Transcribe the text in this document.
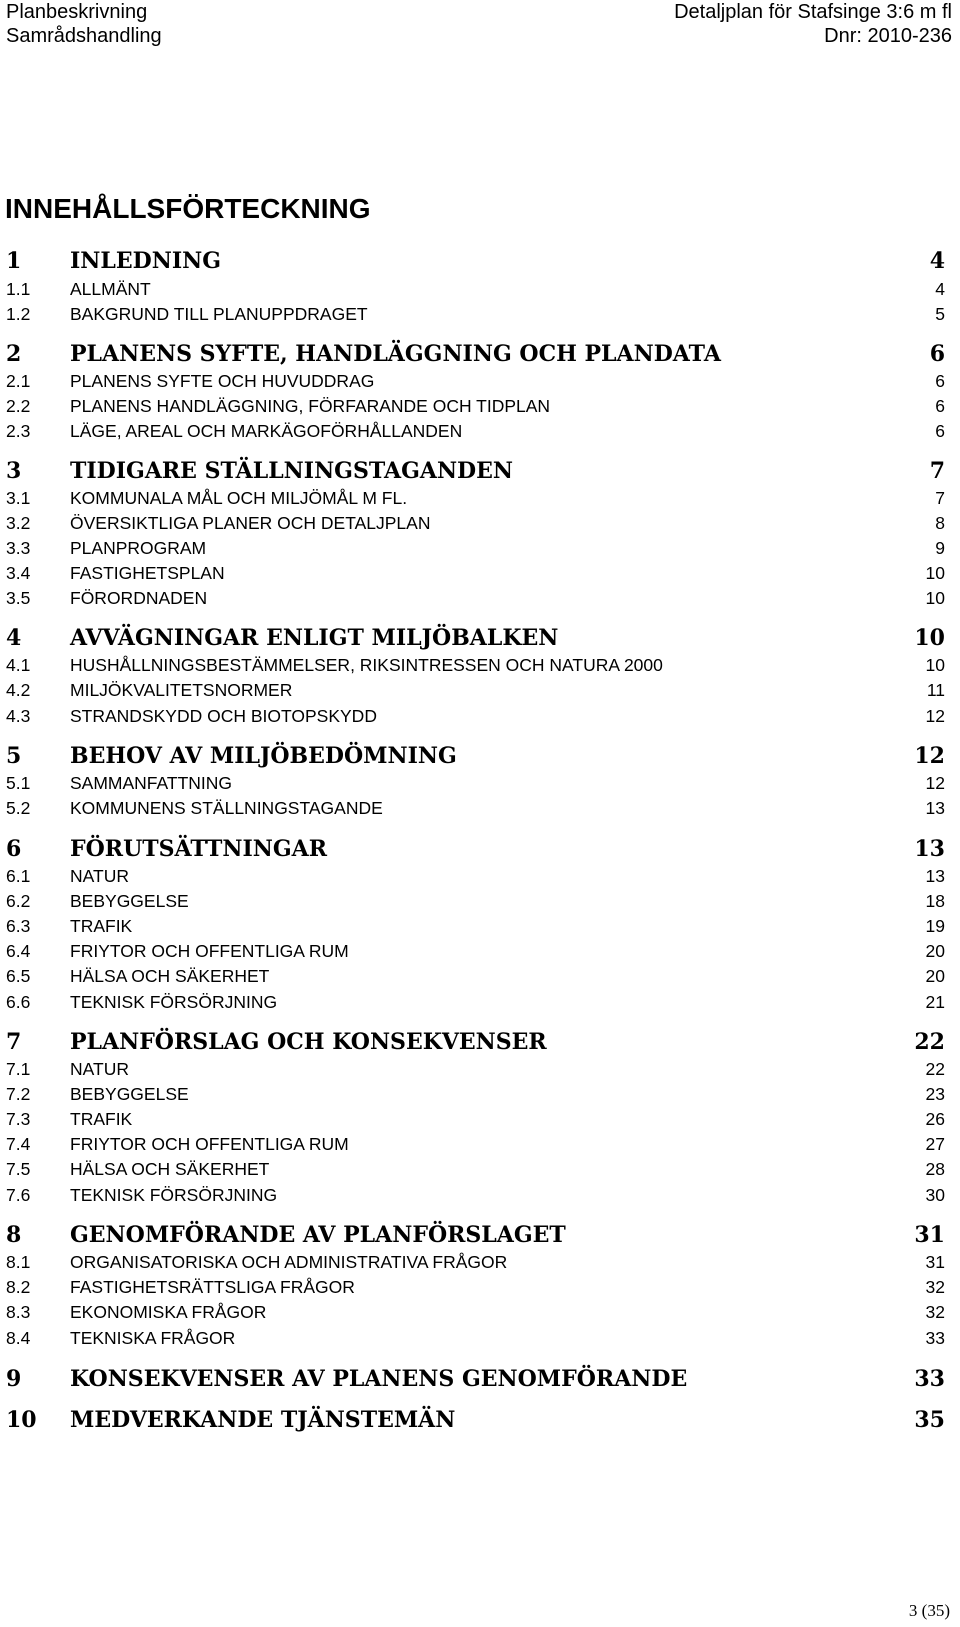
Planbeskrivning
Samrådshandling
Detaljplan för Stafsinge 3:6 m fl
Dnr: 2010-236
INNEHÅLLSFÖRTECKNING
1 INLEDNING	4
1.1 ALLMÄNT	4
1.2 BAKGRUND TILL PLANUPPDRAGET	5
2 PLANENS SYFTE, HANDLÄGGNING OCH PLANDATA	6
2.1 PLANENS SYFTE OCH HUVUDDRAG	6
2.2 PLANENS HANDLÄGGNING, FÖRFARANDE OCH TIDPLAN	6
2.3 LÄGE, AREAL OCH MARKÄGOFÖRHÅLLANDEN	6
3 TIDIGARE STÄLLNINGSTAGANDEN	7
3.1 KOMMUNALA MÅL OCH MILJÖMÅL M FL.	7
3.2 ÖVERSIKTLIGA PLANER OCH DETALJPLAN	8
3.3 PLANPROGRAM	9
3.4 FASTIGHETSPLAN	10
3.5 FÖRORDNADEN	10
4 AVVÄGNINGAR ENLIGT MILJÖBALKEN	10
4.1 HUSHÅLLNINGSBESTÄMMELSER, RIKSINTRESSEN OCH NATURA 2000	10
4.2 MILJÖKVALITETSNORMER	11
4.3 STRANDSKYDD OCH BIOTOPSKYDD	12
5 BEHOV AV MILJÖBEDÖMNING	12
5.1 SAMMANFATTNING	12
5.2 KOMMUNENS STÄLLNINGSTAGANDE	13
6 FÖRUTSÄTTNINGAR	13
6.1 NATUR	13
6.2 BEBYGGELSE	18
6.3 TRAFIK	19
6.4 FRIYTOR OCH OFFENTLIGA RUM	20
6.5 HÄLSA OCH SÄKERHET	20
6.6 TEKNISK FÖRSÖRJNING	21
7 PLANFÖRSLAG OCH KONSEKVENSER	22
7.1 NATUR	22
7.2 BEBYGGELSE	23
7.3 TRAFIK	26
7.4 FRIYTOR OCH OFFENTLIGA RUM	27
7.5 HÄLSA OCH SÄKERHET	28
7.6 TEKNISK FÖRSÖRJNING	30
8 GENOMFÖRANDE AV PLANFÖRSLAGET	31
8.1 ORGANISATORISKA OCH ADMINISTRATIVA FRÅGOR	31
8.2 FASTIGHETSRÄTTSLIGA FRÅGOR	32
8.3 EKONOMISKA FRÅGOR	32
8.4 TEKNISKA FRÅGOR	33
9 KONSEKVENSER AV PLANENS GENOMFÖRANDE	33
10 MEDVERKANDE TJÄNSTEMÄN	35
3 (35)
